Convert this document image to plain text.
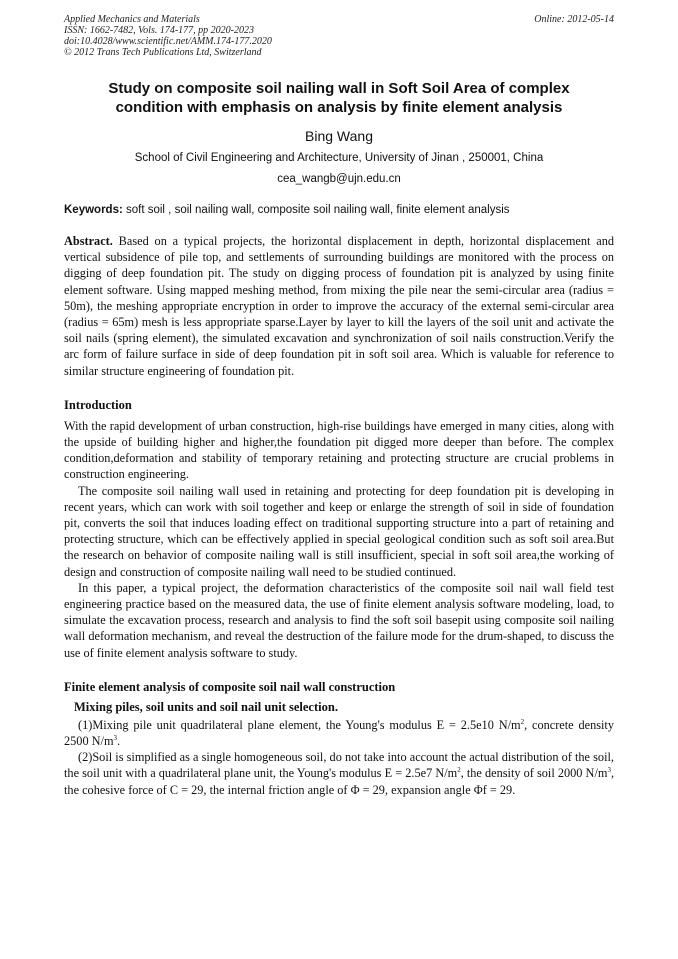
Applied Mechanics and Materials
ISSN: 1662-7482, Vols. 174-177, pp 2020-2023
doi:10.4028/www.scientific.net/AMM.174-177.2020
© 2012 Trans Tech Publications Ltd, Switzerland
Online: 2012-05-14
Study on composite soil nailing wall in Soft Soil Area of complex condition with emphasis on analysis by finite element analysis
Bing Wang
School of Civil Engineering and Architecture, University of Jinan , 250001, China
cea_wangb@ujn.edu.cn
Keywords: soft soil , soil nailing wall, composite soil nailing wall, finite element analysis

Abstract. Based on a typical projects, the horizontal displacement in depth, horizontal displacement and vertical subsidence of pile top, and settlements of surrounding buildings are monitored with the process on digging of deep foundation pit. The study on digging process of foundation pit is analyzed by using finite element software. Using mapped meshing method, from mixing the pile near the semi-circular area (radius = 50m), the meshing appropriate encryption in order to improve the accuracy of the external semi-circular area (radius = 65m) mesh is less appropriate sparse.Layer by layer to kill the layers of the soil unit and activate the soil nails (spring element), the simulated excavation and synchronization of soil nails construction.Verify the arc form of failure surface in side of deep foundation pit in soft soil area. Which is valuable for reference to similar structure engineering of foundation pit.

Introduction

With the rapid development of urban construction, high-rise buildings have emerged in many cities, along with the upside of building higher and higher,the foundation pit digged more deeper than before. The complex condition,deformation and stability of temporary retaining and protecting structure are crucial problems in construction engineering.

The composite soil nailing wall used in retaining and protecting for deep foundation pit is developing in recent years, which can work with soil together and keep or enlarge the strength of soil in side of foundation pit, converts the soil that induces loading effect on traditional supporting structure into a part of retaining and protecting structure, which can be effectively applied in special geological condition such as soft soil area.But the research on behavior of composite nailing wall is still insufficient, special in soft soil area,the working of design and construction of composite nailing wall need to be studied continued.

In this paper, a typical project, the deformation characteristics of the composite soil nail wall field test engineering practice based on the measured data, the use of finite element analysis software modeling, load, to simulate the excavation process, research and analysis to find the soft soil basepit using composite soil nailing wall deformation mechanism, and reveal the destruction of the failure mode for the drum-shaped, to discuss the use of finite element analysis software to study.

Finite element analysis of composite soil nail wall construction
Mixing piles, soil units and soil nail unit selection.

(1)Mixing pile unit quadrilateral plane element, the Young's modulus E = 2.5e10 $N/m^2$, concrete density 2500 $N/m^3$.

(2)Soil is simplified as a single homogeneous soil, do not take into account the actual distribution of the soil, the soil unit with a quadrilateral plane unit, the Young's modulus E = 2.5e7 $N/m^2$, the density of soil 2000 $N/m^3$, the cohesive force of C = 29, the internal friction angle of Φ = 29, expansion angle Φf = 29.
